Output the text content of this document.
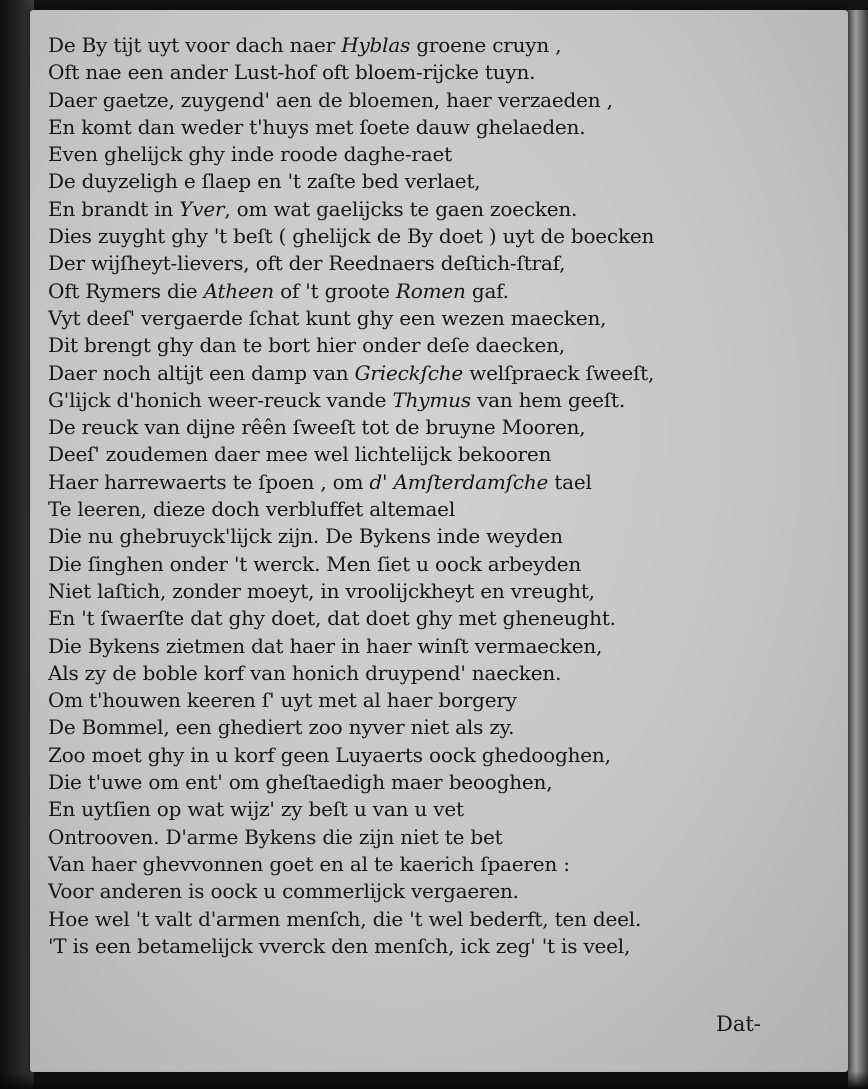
De By tijt uyt voor dach naer Hyblas groene cruyn ,
Oft nae een ander Lust-hof oft bloem-rijcke tuyn.
Daer gaetze, zuygend' aen de bloemen, haer verzaeden ,
En komt dan weder t'huys met ſoete dauw ghelaeden.
Even ghelijck ghy inde roode daghe-raet
De duyzeligh e ſlaep en 't zaſte bed verlaet,
En brandt in Yver, om wat gaelijcks te gaen zoecken.
Dies zuyght ghy 't beſt ( ghelijck de By doet ) uyt de boecken
Der wijſheyt-lievers, oft der Reednaers deſtich-ſtraf,
Oft Rymers die Atheen of 't groote Romen gaf.
Vyt deeſ' vergaerde ſchat kunt ghy een wezen maecken,
Dit brengt ghy dan te bort hier onder deſe daecken,
Daer noch altijt een damp van Grieckſche welſpraeck ſweeſt,
G'lijck d'honich weer-reuck vande Thymus van hem geeſt.
De reuck van dijne rêên ſweeſt tot de bruyne Mooren,
Deeſ' zoudemen daer mee wel lichtelijck bekooren
Haer harrewaerts te ſpoen , om d' Amſterdamſche tael
Te leeren, dieze doch verbluffet altemael
Die nu ghebruyck'lijck zijn. De Bykens inde weyden
Die ſinghen onder 't werck. Men ſiet u oock arbeyden
Niet laſtich, zonder moeyt, in vroolijckheyt en vreught,
En 't ſwaerſte dat ghy doet, dat doet ghy met gheneught.
Die Bykens zietmen dat haer in haer winſt vermaecken,
Als zy de boble korf van honich druypend' naecken.
Om t'houwen keeren ſ' uyt met al haer borgery
De Bommel, een ghediert zoo nyver niet als zy.
Zoo moet ghy in u korf geen Luyaerts oock ghedooghen,
Die t'uwe om ent' om gheſtaedigh maer beooghen,
En uytſien op wat wijz' zy beſt u van u vet
Ontrooven. D'arme Bykens die zijn niet te bet
Van haer ghevvonnen goet en al te kaerich ſpaeren :
Voor anderen is oock u commerlijck vergaeren.
Hoe wel 't valt d'armen menſch, die 't wel bederft, ten deel.
'T is een betamelijck vverck den menſch, ick zeg' 't is veel,
Dat-
